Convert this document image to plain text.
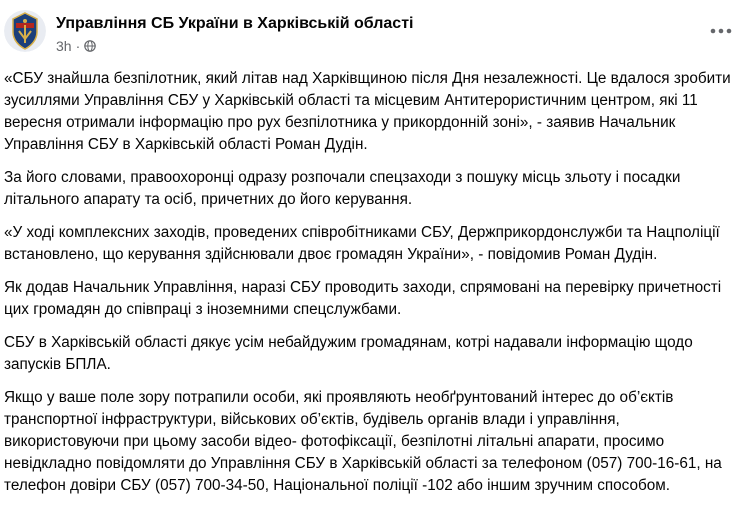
Управління СБ України в Харківській області
3h ·

«СБУ знайшла безпілотник, який літав над Харківщиною після Дня незалежності. Це вдалося зробити зусиллями Управління СБУ у Харківській області та місцевим Антитерористичним центром, які 11 вересня отримали інформацію про рух безпілотника у прикордонній зоні», - заявив Начальник Управління СБУ в Харківській області Роман Дудін.

За його словами, правоохоронці одразу розпочали спецзаходи з пошуку місць зльоту і посадки літального апарату та осіб, причетних до його керування.

«У ході комплексних заходів, проведених співробітниками СБУ, Держприкордонслужби та Нацполіції встановлено, що керування здійснювали двоє громадян України», - повідомив Роман Дудін.

Як додав Начальник Управління, наразі СБУ проводить заходи, спрямовані на перевірку причетності цих громадян до співпраці з іноземними спецслужбами.

СБУ в Харківській області дякує усім небайдужим громадянам, котрі надавали інформацію щодо запусків БПЛА.

Якщо у ваше поле зору потрапили особи, які проявляють необґрунтований інтерес до об’єктів транспортної інфраструктури, військових об’єктів, будівель органів влади і управління, використовуючи при цьому засоби відео- фотофіксації, безпілотні літальні апарати, просимо невідкладно повідомляти до Управління СБУ в Харківській області за телефоном (057) 700-16-61, на телефон довіри СБУ (057) 700-34-50, Національної поліції -102 або іншим зручним способом.
